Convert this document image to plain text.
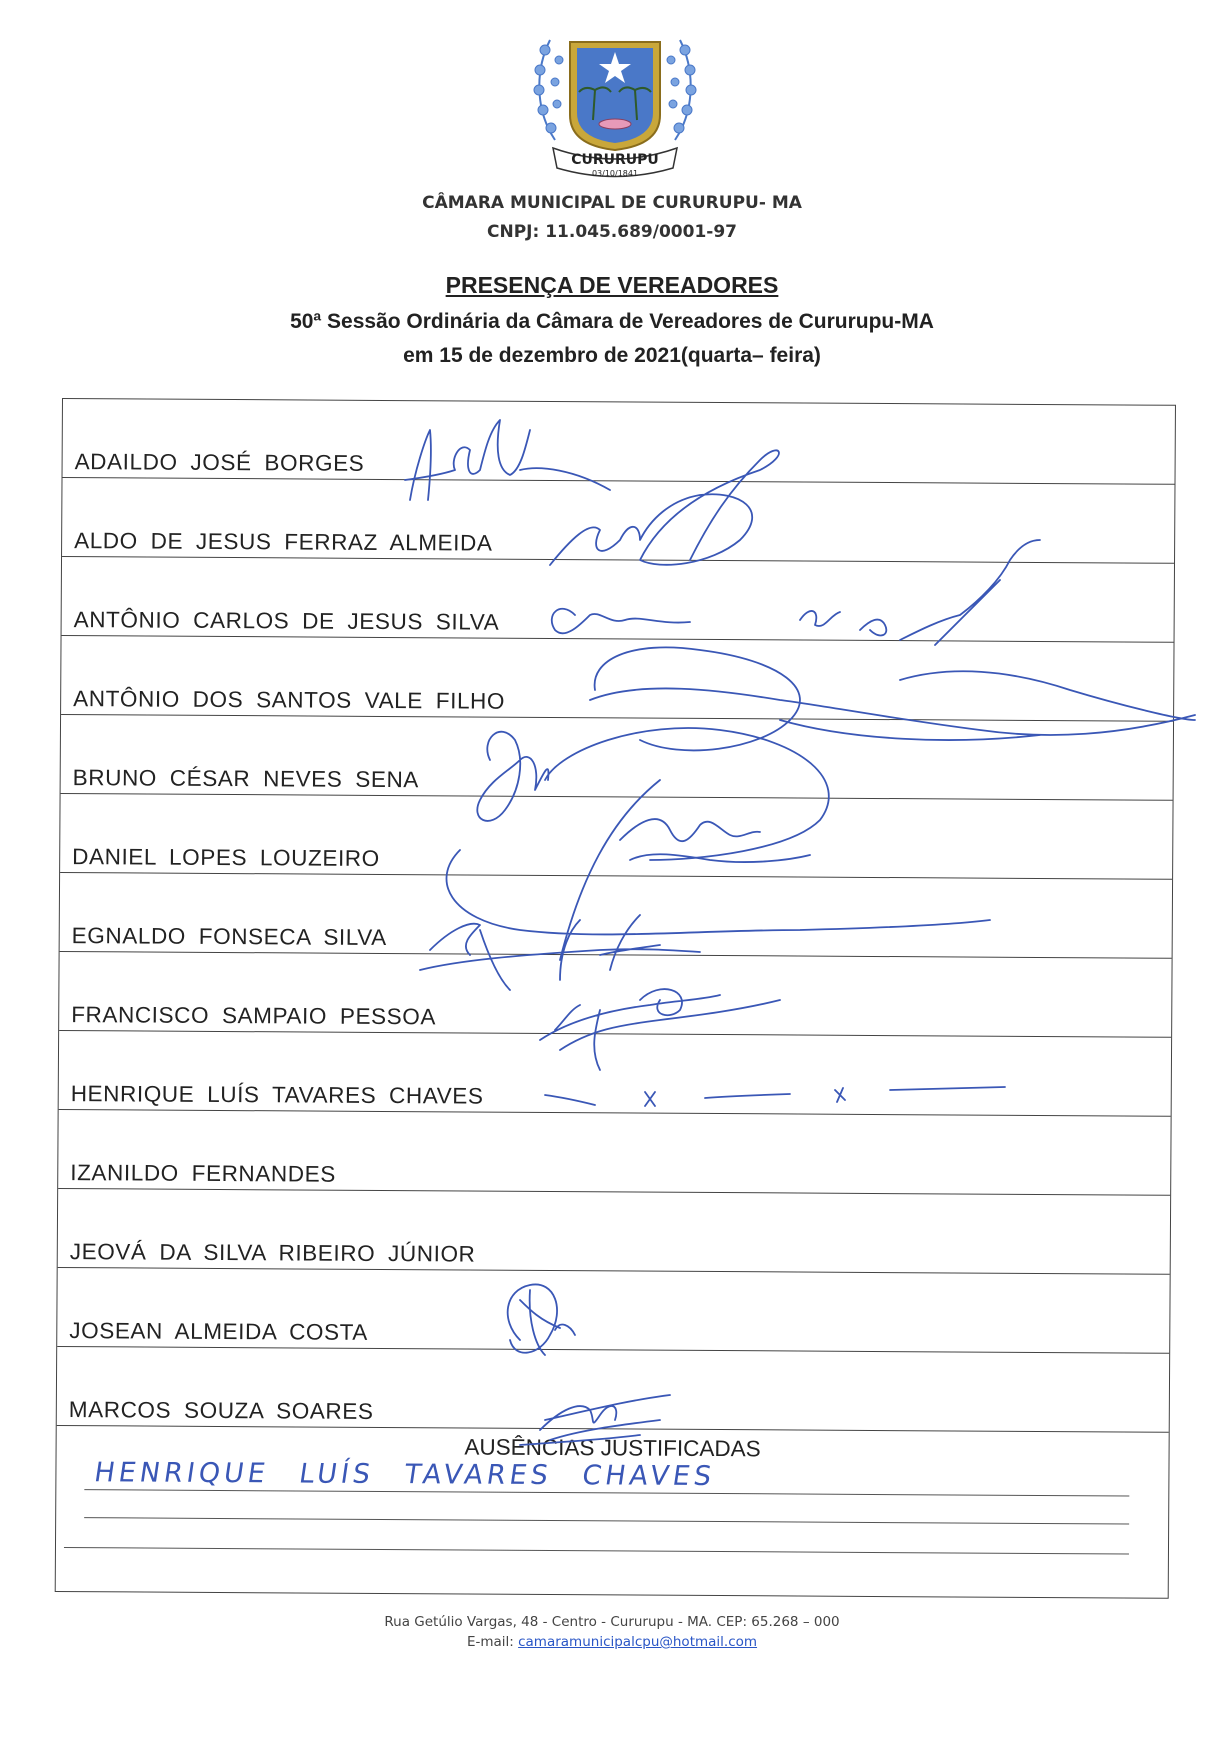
CURURUPU
03/10/1841
CÂMARA MUNICIPAL DE CURURUPU- MA
CNPJ: 11.045.689/0001-97
PRESENÇA DE VEREADORES
50ª Sessão Ordinária da Câmara de Vereadores de Cururupu-MA
em 15 de dezembro de 2021(quarta– feira)
ADAILDO JOSÉ BORGES
ALDO DE JESUS FERRAZ ALMEIDA
ANTÔNIO CARLOS DE JESUS SILVA
ANTÔNIO DOS SANTOS VALE FILHO
BRUNO CÉSAR NEVES SENA
DANIEL LOPES LOUZEIRO
EGNALDO FONSECA SILVA
FRANCISCO SAMPAIO PESSOA
HENRIQUE LUÍS TAVARES CHAVES
IZANILDO FERNANDES
JEOVÁ DA SILVA RIBEIRO JÚNIOR
JOSEAN ALMEIDA COSTA
MARCOS SOUZA SOARES
AUSÊNCIAS JUSTIFICADAS
HENRIQUE LUÍS TAVARES CHAVES
Rua Getúlio Vargas, 48 - Centro - Cururupu - MA. CEP: 65.268 – 000
E-mail: camaramunicipalcpu@hotmail.com
